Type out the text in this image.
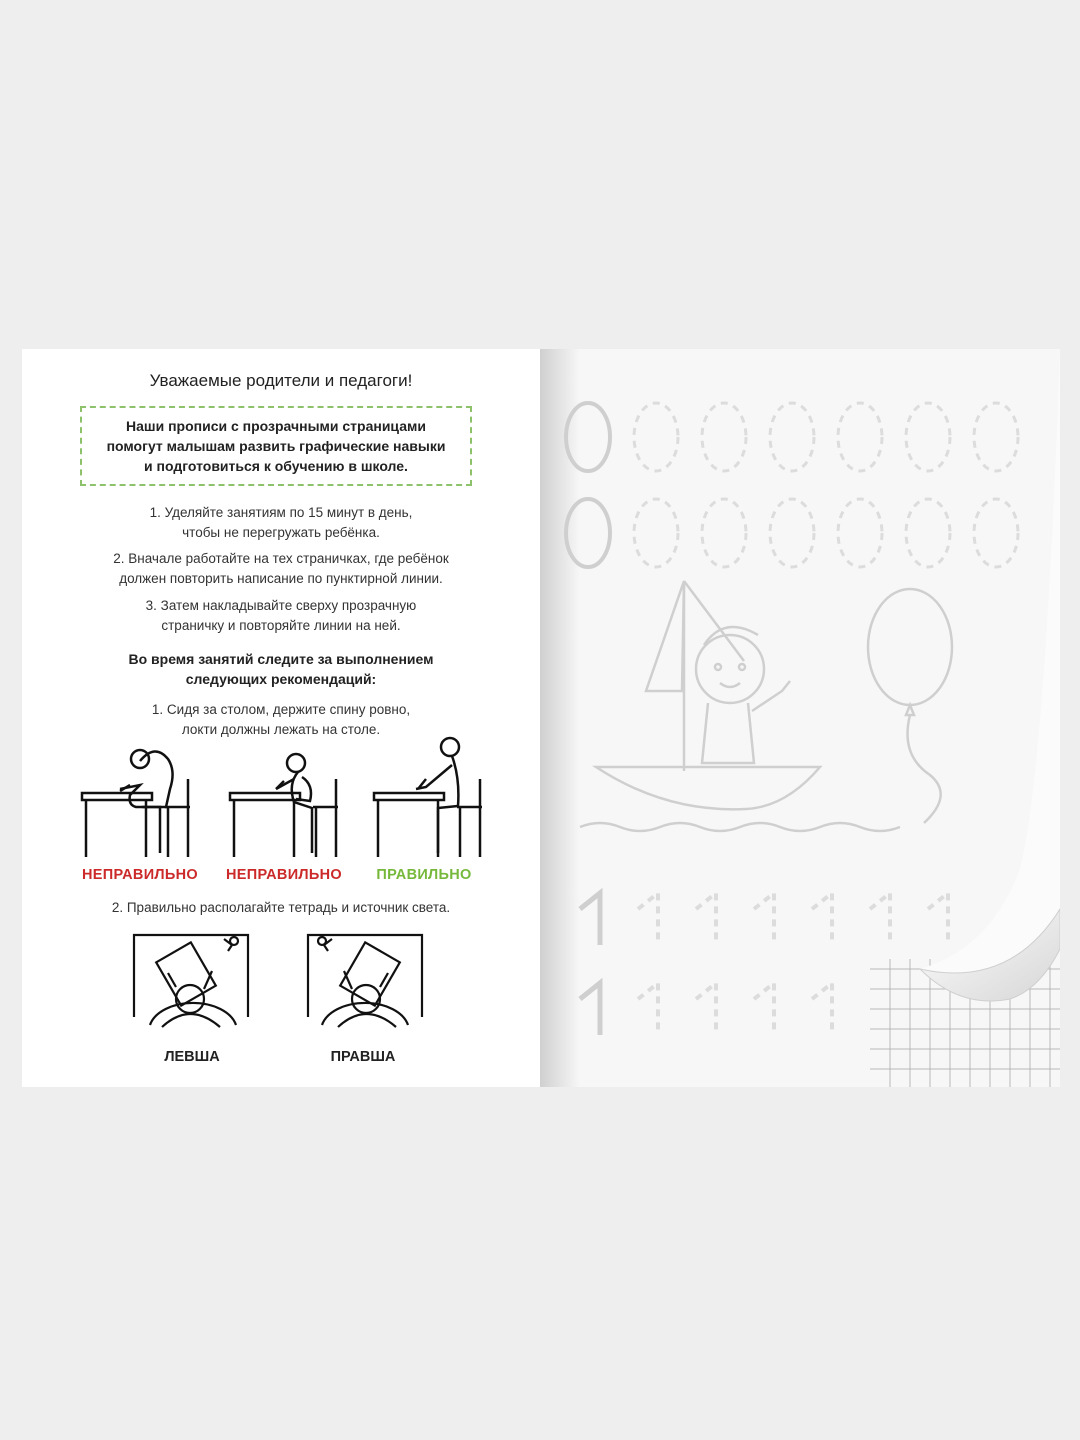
Уважаемые родители и педагоги!
Наши прописи с прозрачными страницами
помогут малышам развить графические навыки
и подготовиться к обучению в школе.
1. Уделяйте занятиям по 15 минут в день,
чтобы не перегружать ребёнка.
2. Вначале работайте на тех страничках, где ребёнок
должен повторить написание по пунктирной линии.
3. Затем накладывайте сверху прозрачную
страничку и повторяйте линии на ней.
Во время занятий следите за выполнением
следующих рекомендаций:
1. Сидя за столом, держите спину ровно,
локти должны лежать на столе.
НЕПРАВИЛЬНО	НЕПРАВИЛЬНО	ПРАВИЛЬНО
2. Правильно располагайте тетрадь и источник света.
ЛЕВША	ПРАВША
